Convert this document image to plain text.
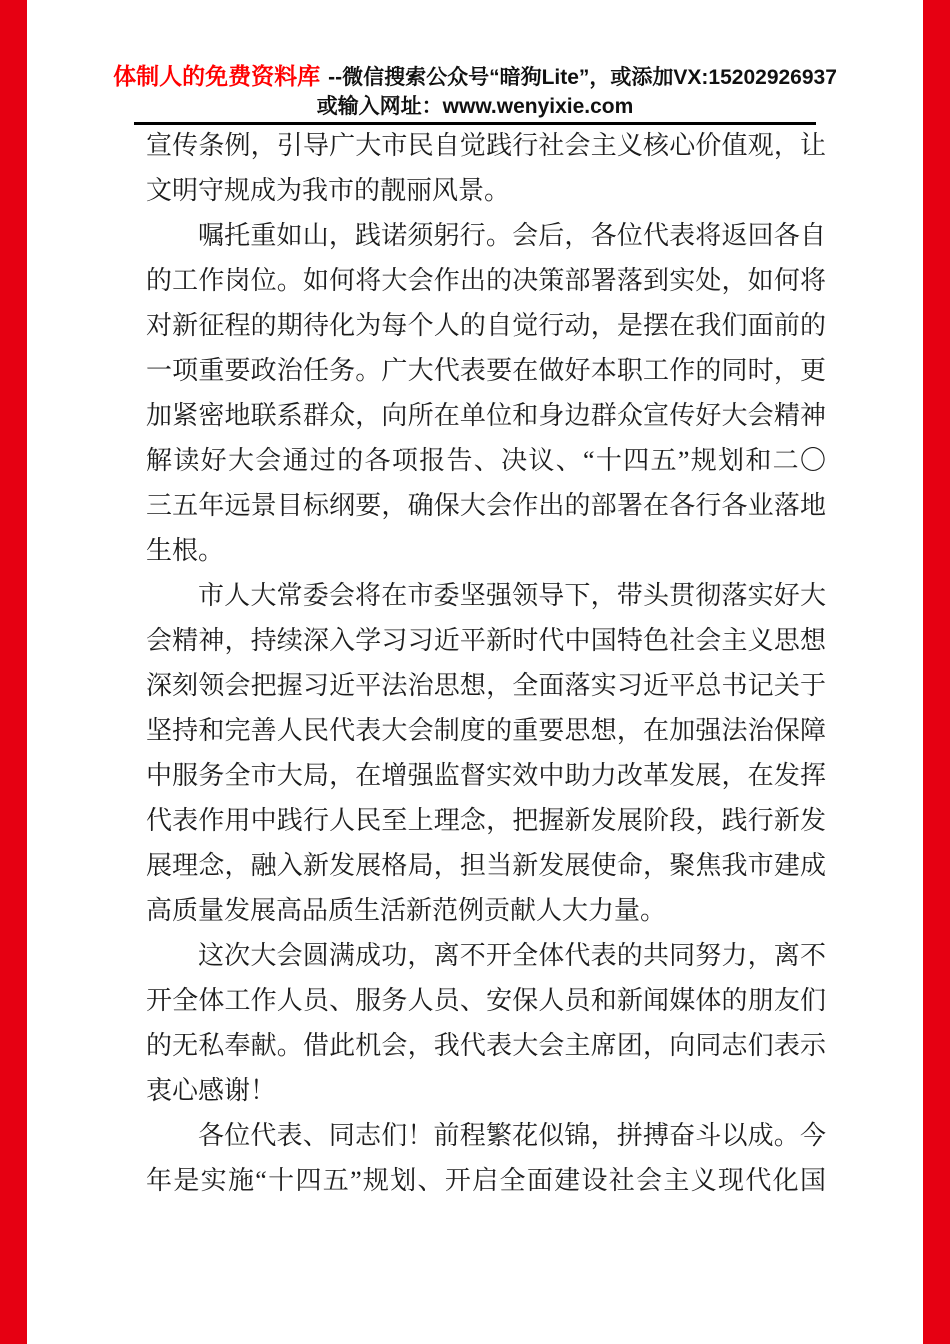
体制人的免费资料库 --微信搜索公众号“暗狗Lite”，或添加VX:15202926937
或输入网址：www.wenyixie.com
宣传条例，引导广大市民自觉践行社会主义核心价值观，让
文明守规成为我市的靓丽风景。
嘱托重如山，践诺须躬行。会后，各位代表将返回各自
的工作岗位。如何将大会作出的决策部署落到实处，如何将
对新征程的期待化为每个人的自觉行动，是摆在我们面前的
一项重要政治任务。广大代表要在做好本职工作的同时，更
加紧密地联系群众，向所在单位和身边群众宣传好大会精神
解读好大会通过的各项报告、决议、“十四五”规划和二〇
三五年远景目标纲要，确保大会作出的部署在各行各业落地
生根。
市人大常委会将在市委坚强领导下，带头贯彻落实好大
会精神，持续深入学习习近平新时代中国特色社会主义思想
深刻领会把握习近平法治思想，全面落实习近平总书记关于
坚持和完善人民代表大会制度的重要思想，在加强法治保障
中服务全市大局，在增强监督实效中助力改革发展，在发挥
代表作用中践行人民至上理念，把握新发展阶段，践行新发
展理念，融入新发展格局，担当新发展使命，聚焦我市建成
高质量发展高品质生活新范例贡献人大力量。
这次大会圆满成功，离不开全体代表的共同努力，离不
开全体工作人员、服务人员、安保人员和新闻媒体的朋友们
的无私奉献。借此机会，我代表大会主席团，向同志们表示
衷心感谢！
各位代表、同志们！前程繁花似锦，拼搏奋斗以成。今
年是实施“十四五”规划、开启全面建设社会主义现代化国
